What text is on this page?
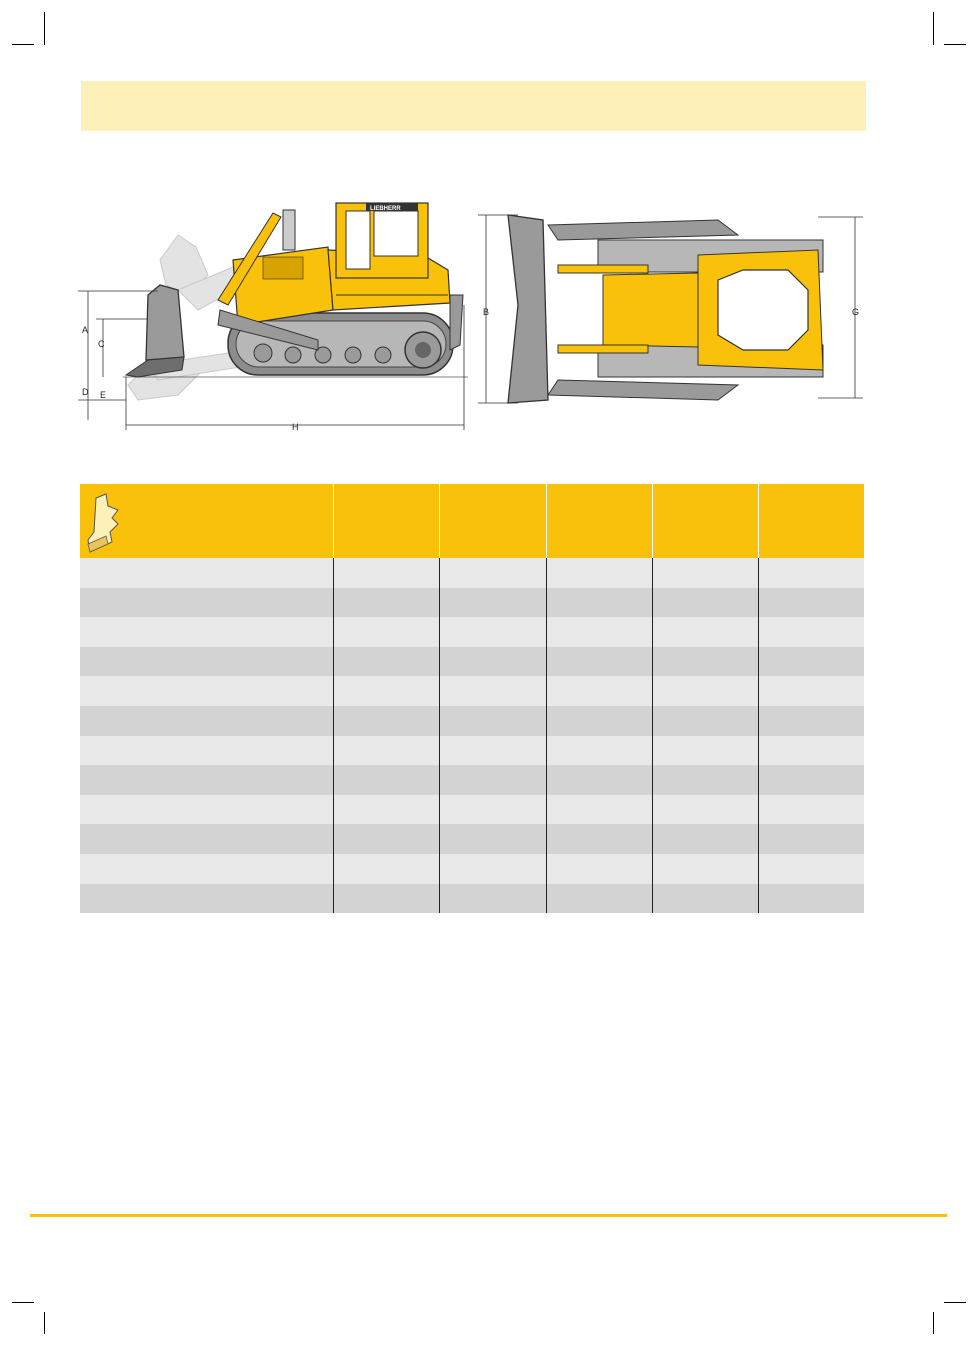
LIEBHERR
A
C
D E
H
B	G
